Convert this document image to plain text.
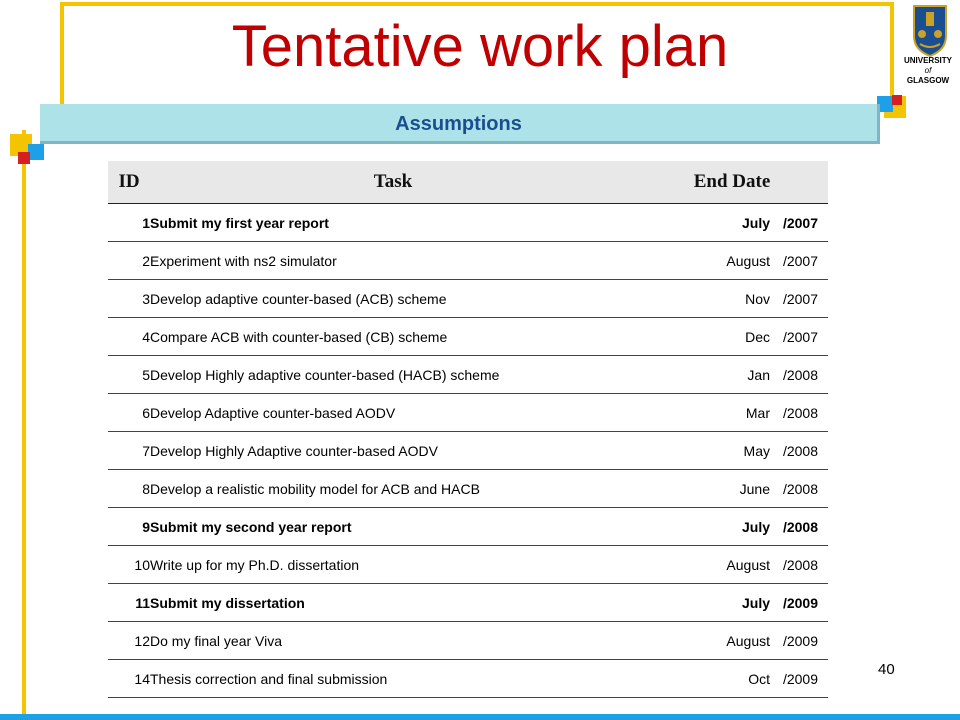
Tentative work plan	UNIVERSITY
of
GLASGOW
Assumptions
ID	Task	End Date
1	Submit my first year report	July /2007

2	Experiment with ns2 simulator	August /2007

3	Develop adaptive counter-based (ACB) scheme	Nov /2007

4	Compare ACB with counter-based (CB) scheme	Dec /2007

5	Develop Highly adaptive counter-based (HACB) scheme	Jan /2008

6	Develop Adaptive counter-based AODV	Mar /2008

7	Develop Highly Adaptive counter-based AODV	May /2008

8	Develop a realistic mobility model for ACB and HACB	June /2008

9	Submit my second year report	July /2008

10	Write up for my Ph.D. dissertation	August /2008

11	Submit my dissertation	July /2009

12	Do my final year Viva	August /2009

14	Thesis correction and final submission	Oct /2009
40
